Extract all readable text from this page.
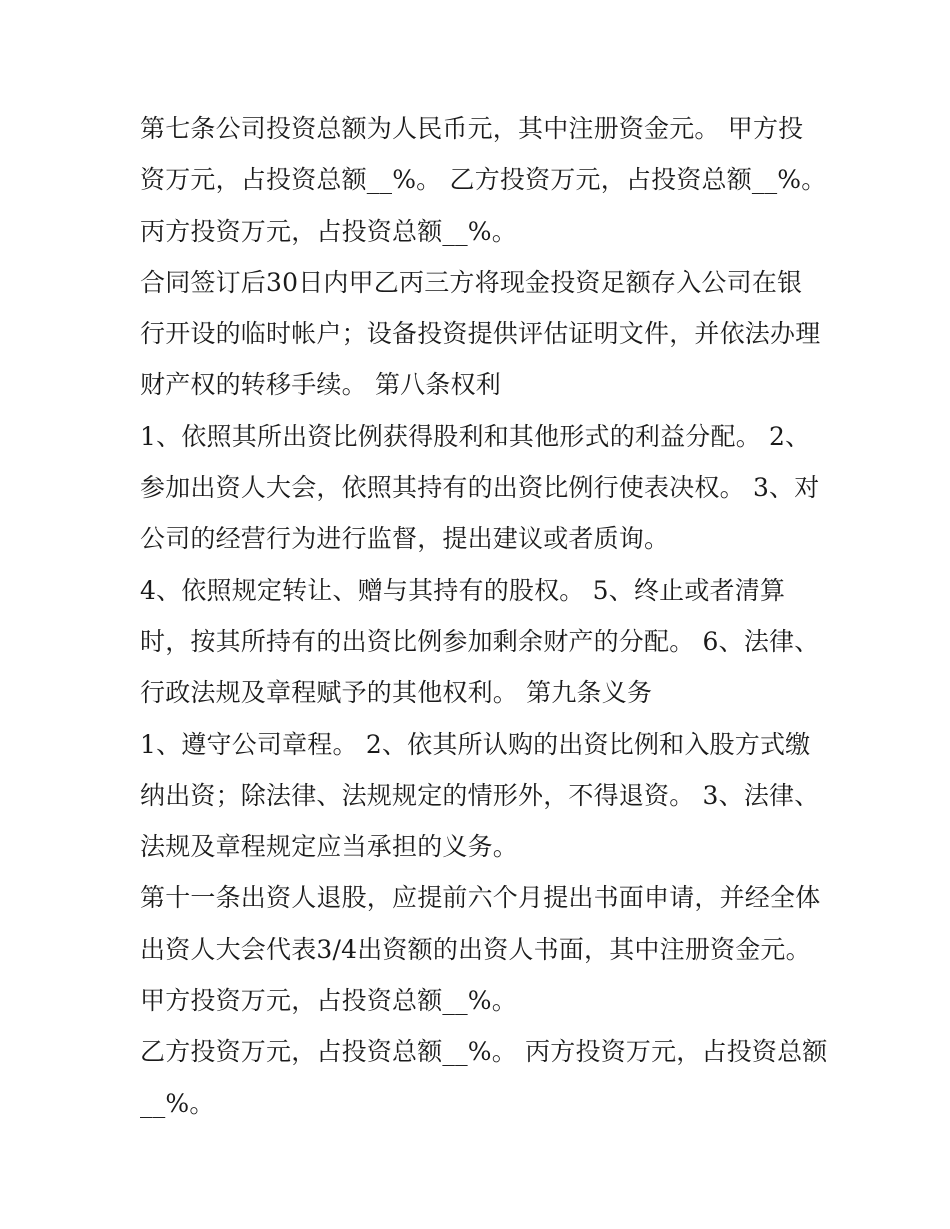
第七条公司投资总额为人民币元，其中注册资金元。 甲方投
资万元，占投资总额__%。 乙方投资万元，占投资总额__%。
丙方投资万元，占投资总额__%。
合同签订后30日内甲乙丙三方将现金投资足额存入公司在银
行开设的临时帐户；设备投资提供评估证明文件，并依法办理
财产权的转移手续。 第八条权利
1、依照其所出资比例获得股利和其他形式的利益分配。 2、
参加出资人大会，依照其持有的出资比例行使表决权。 3、对
公司的经营行为进行监督，提出建议或者质询。
4、依照规定转让、赠与其持有的股权。 5、终止或者清算
时，按其所持有的出资比例参加剩余财产的分配。 6、法律、
行政法规及章程赋予的其他权利。 第九条义务
1、遵守公司章程。 2、依其所认购的出资比例和入股方式缴
纳出资；除法律、法规规定的情形外，不得退资。 3、法律、
法规及章程规定应当承担的义务。
第十一条出资人退股，应提前六个月提出书面申请，并经全体
出资人大会代表3/4出资额的出资人书面，其中注册资金元。
甲方投资万元，占投资总额__%。
乙方投资万元，占投资总额__%。 丙方投资万元，占投资总额
__%。
